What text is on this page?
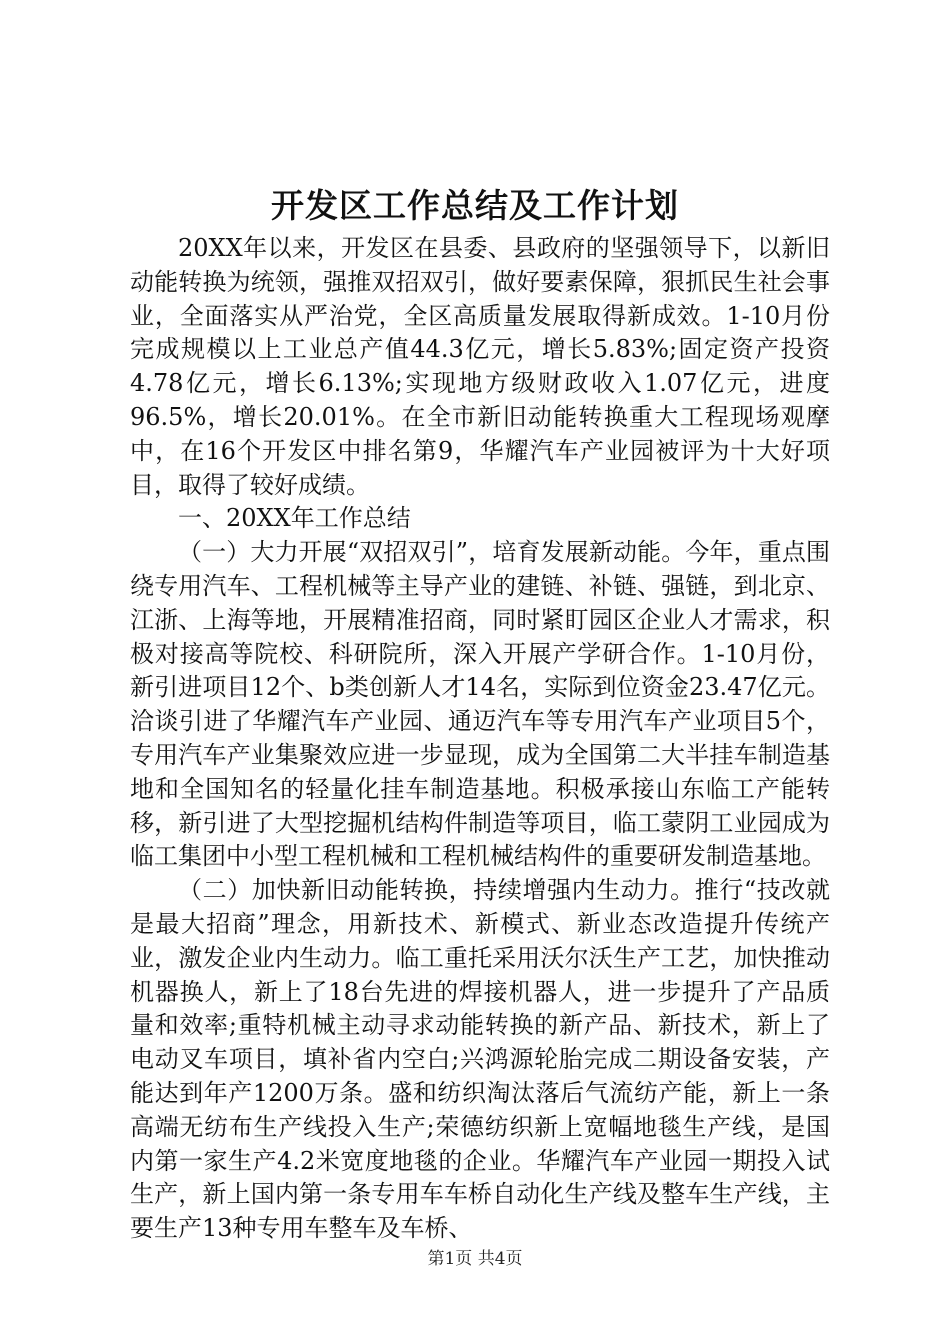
开发区工作总结及工作计划

20XX年以来，开发区在县委、县政府的坚强领导下，以新旧动能转换为统领，强推双招双引，做好要素保障，狠抓民生社会事业，全面落实从严治党，全区高质量发展取得新成效。1-10月份完成规模以上工业总产值44.3亿元，增长5.83%;固定资产投资4.78亿元，增长6.13%;实现地方级财政收入1.07亿元，进度96.5%，增长20.01%。在全市新旧动能转换重大工程现场观摩中，在16个开发区中排名第9，华耀汽车产业园被评为十大好项目，取得了较好成绩。

一、20XX年工作总结

（一）大力开展“双招双引”，培育发展新动能。今年，重点围绕专用汽车、工程机械等主导产业的建链、补链、强链，到北京、江浙、上海等地，开展精准招商，同时紧盯园区企业人才需求，积极对接高等院校、科研院所，深入开展产学研合作。1-10月份，新引进项目12个、b类创新人才14名，实际到位资金23.47亿元。洽谈引进了华耀汽车产业园、通迈汽车等专用汽车产业项目5个，专用汽车产业集聚效应进一步显现，成为全国第二大半挂车制造基地和全国知名的轻量化挂车制造基地。积极承接山东临工产能转移，新引进了大型挖掘机结构件制造等项目，临工蒙阴工业园成为临工集团中小型工程机械和工程机械结构件的重要研发制造基地。

（二）加快新旧动能转换，持续增强内生动力。推行“技改就是最大招商”理念，用新技术、新模式、新业态改造提升传统产业，激发企业内生动力。临工重托采用沃尔沃生产工艺，加快推动机器换人，新上了18台先进的焊接机器人，进一步提升了产品质量和效率;重特机械主动寻求动能转换的新产品、新技术，新上了电动叉车项目，填补省内空白;兴鸿源轮胎完成二期设备安装，产能达到年产1200万条。盛和纺织淘汰落后气流纺产能，新上一条高端无纺布生产线投入生产;荣德纺织新上宽幅地毯生产线，是国内第一家生产4.2米宽度地毯的企业。华耀汽车产业园一期投入试生产，新上国内第一条专用车车桥自动化生产线及整车生产线，主要生产13种专用车整车及车桥、

第1页 共4页
